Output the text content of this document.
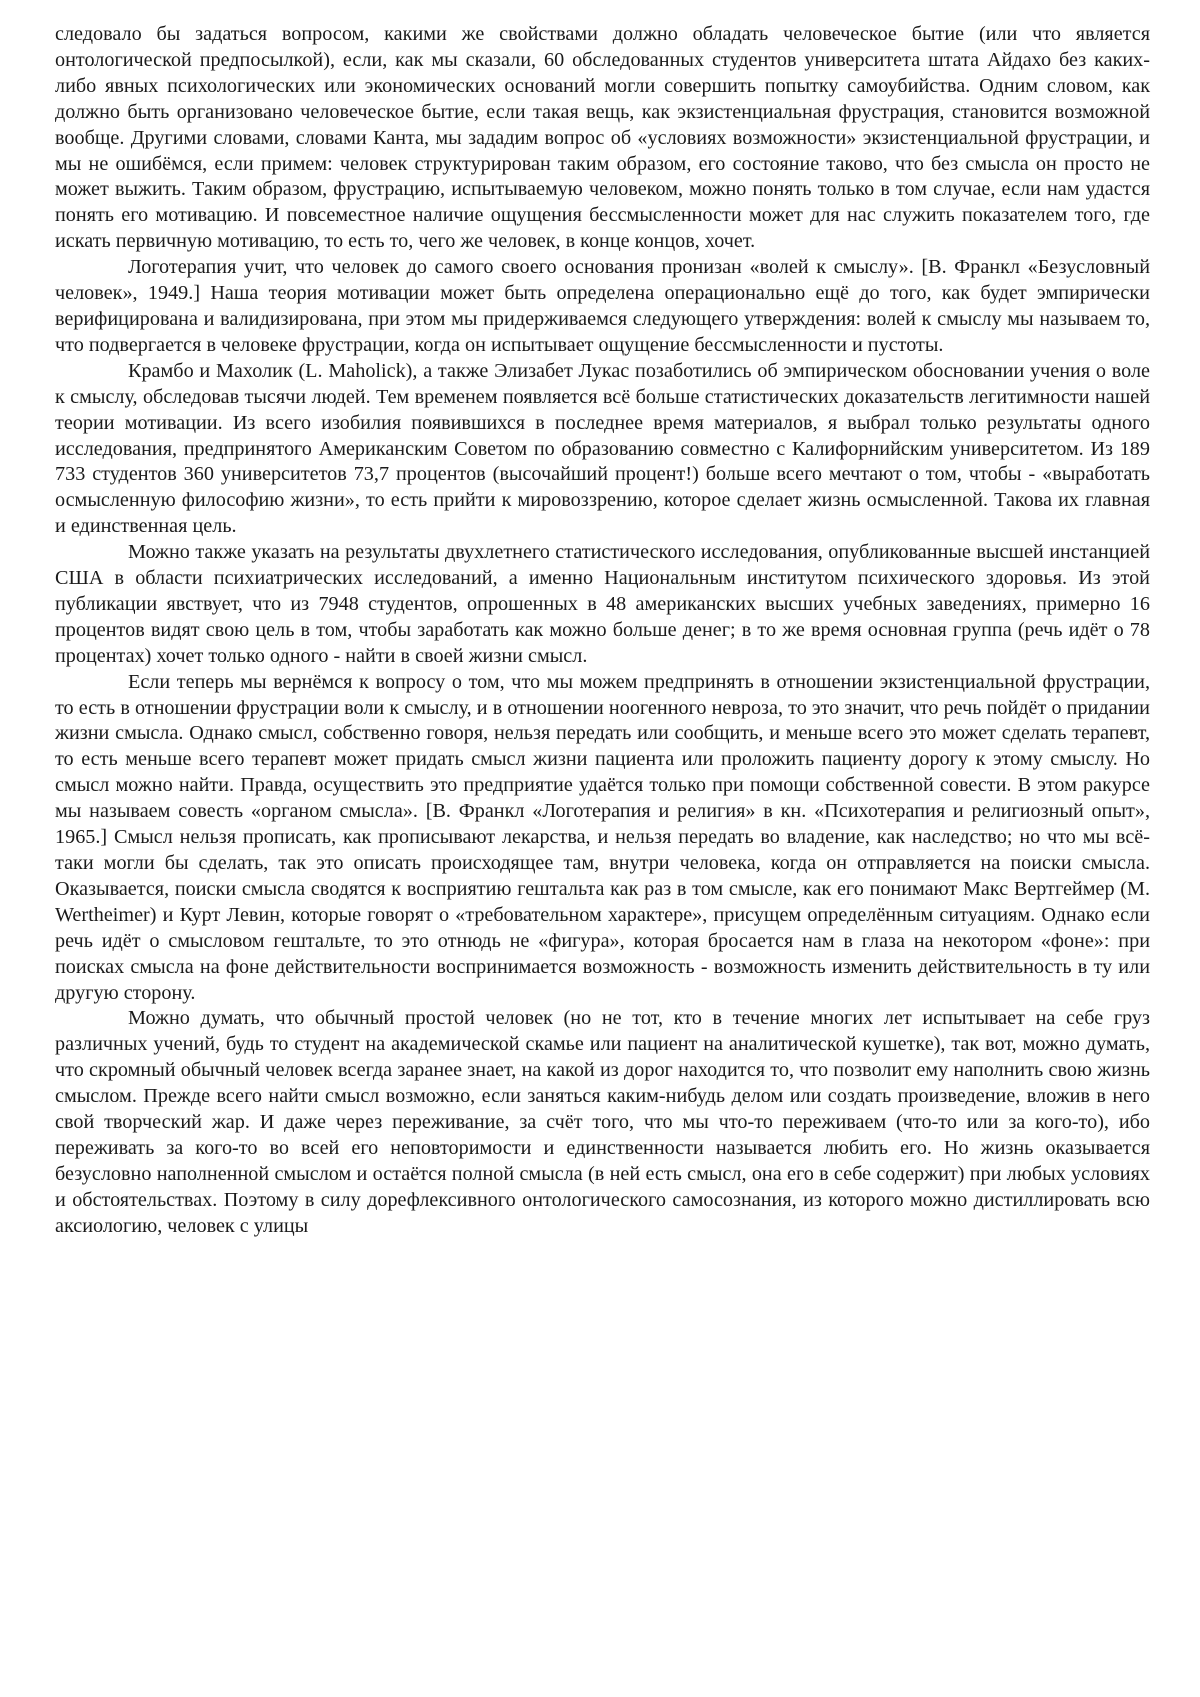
следовало бы задаться вопросом, какими же свойствами должно обладать человеческое бытие (или что является онтологической предпосылкой), если, как мы сказали, 60 обследованных студентов университета штата Айдахо без каких-либо явных психологических или экономических оснований могли совершить попытку самоубийства. Одним словом, как должно быть организовано человеческое бытие, если такая вещь, как экзистенциальная фрустрация, становится возможной вообще. Другими словами, словами Канта, мы зададим вопрос об «условиях возможности» экзистенциальной фрустрации, и мы не ошибёмся, если примем: человек структурирован таким образом, его состояние таково, что без смысла он просто не может выжить. Таким образом, фрустрацию, испытываемую человеком, можно понять только в том случае, если нам удастся понять его мотивацию. И повсеместное наличие ощущения бессмысленности может для нас служить показателем того, где искать первичную мотивацию, то есть то, чего же человек, в конце концов, хочет.

Логотерапия учит, что человек до самого своего основания пронизан «волей к смыслу». [В. Франкл «Безусловный человек», 1949.] Наша теория мотивации может быть определена операционально ещё до того, как будет эмпирически верифицирована и валидизирована, при этом мы придерживаемся следующего утверждения: волей к смыслу мы называем то, что подвергается в человеке фрустрации, когда он испытывает ощущение бессмысленности и пустоты.

Крамбо и Махолик (L. Maholick), а также Элизабет Лукас позаботились об эмпирическом обосновании учения о воле к смыслу, обследовав тысячи людей. Тем временем появляется всё больше статистических доказательств легитимности нашей теории мотивации. Из всего изобилия появившихся в последнее время материалов, я выбрал только результаты одного исследования, предпринятого Американским Советом по образованию совместно с Калифорнийским университетом. Из 189 733 студентов 360 университетов 73,7 процентов (высочайший процент!) больше всего мечтают о том, чтобы - «выработать осмысленную философию жизни», то есть прийти к мировоззрению, которое сделает жизнь осмысленной. Такова их главная и единственная цель.

Можно также указать на результаты двухлетнего статистического исследования, опубликованные высшей инстанцией США в области психиатрических исследований, а именно Национальным институтом психического здоровья. Из этой публикации явствует, что из 7948 студентов, опрошенных в 48 американских высших учебных заведениях, примерно 16 процентов видят свою цель в том, чтобы заработать как можно больше денег; в то же время основная группа (речь идёт о 78 процентах) хочет только одного - найти в своей жизни смысл.

Если теперь мы вернёмся к вопросу о том, что мы можем предпринять в отношении экзистенциальной фрустрации, то есть в отношении фрустрации воли к смыслу, и в отношении ноогенного невроза, то это значит, что речь пойдёт о придании жизни смысла. Однако смысл, собственно говоря, нельзя передать или сообщить, и меньше всего это может сделать терапевт, то есть меньше всего терапевт может придать смысл жизни пациента или проложить пациенту дорогу к этому смыслу. Но смысл можно найти. Правда, осуществить это предприятие удаётся только при помощи собственной совести. В этом ракурсе мы называем совесть «органом смысла». [В. Франкл «Логотерапия и религия» в кн. «Психотерапия и религиозный опыт», 1965.] Смысл нельзя прописать, как прописывают лекарства, и нельзя передать во владение, как наследство; но что мы всё-таки могли бы сделать, так это описать происходящее там, внутри человека, когда он отправляется на поиски смысла. Оказывается, поиски смысла сводятся к восприятию гештальта как раз в том смысле, как его понимают Макс Вертгеймер (M. Wertheimer) и Курт Левин, которые говорят о «требовательном характере», присущем определённым ситуациям. Однако если речь идёт о смысловом гештальте, то это отнюдь не «фигура», которая бросается нам в глаза на некотором «фоне»: при поисках смысла на фоне действительности воспринимается возможность - возможность изменить действительность в ту или другую сторону.

Можно думать, что обычный простой человек (но не тот, кто в течение многих лет испытывает на себе груз различных учений, будь то студент на академической скамье или пациент на аналитической кушетке), так вот, можно думать, что скромный обычный человек всегда заранее знает, на какой из дорог находится то, что позволит ему наполнить свою жизнь смыслом. Прежде всего найти смысл возможно, если заняться каким-нибудь делом или создать произведение, вложив в него свой творческий жар. И даже через переживание, за счёт того, что мы что-то переживаем (что-то или за кого-то), ибо переживать за кого-то во всей его неповторимости и единственности называется любить его. Но жизнь оказывается безусловно наполненной смыслом и остаётся полной смысла (в ней есть смысл, она его в себе содержит) при любых условиях и обстоятельствах. Поэтому в силу дорефлексивного онтологического самосознания, из которого можно дистиллировать всю аксиологию, человек с улицы
